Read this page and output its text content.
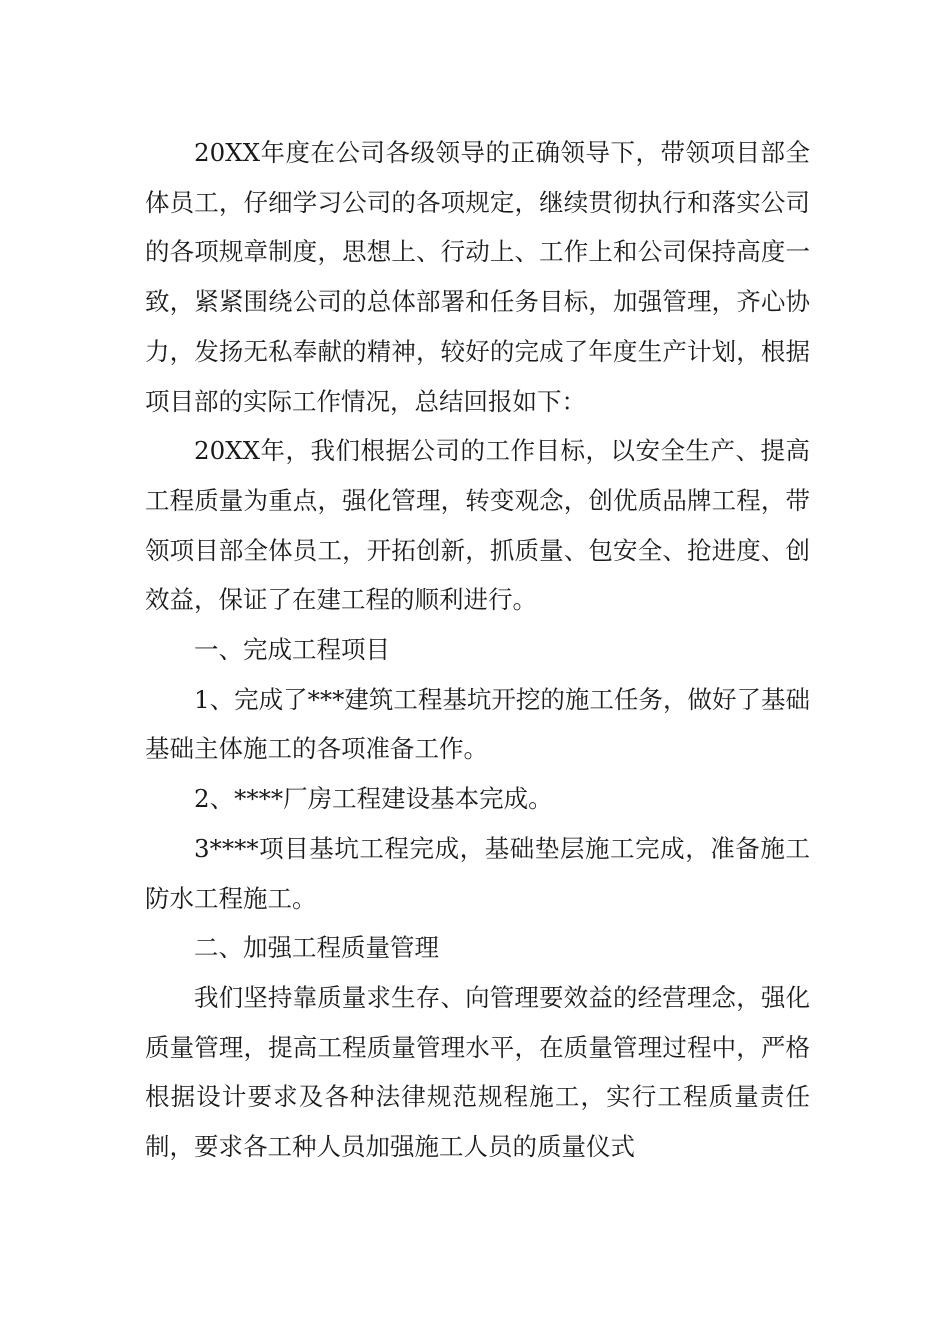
20XX年度在公司各级领导的正确领导下，带领项目部全体员工，仔细学习公司的各项规定，继续贯彻执行和落实公司的各项规章制度，思想上、行动上、工作上和公司保持高度一致，紧紧围绕公司的总体部署和任务目标，加强管理，齐心协力，发扬无私奉献的精神，较好的完成了年度生产计划，根据项目部的实际工作情况，总结回报如下：

20XX年，我们根据公司的工作目标，以安全生产、提高工程质量为重点，强化管理，转变观念，创优质品牌工程，带领项目部全体员工，开拓创新，抓质量、包安全、抢进度、创效益，保证了在建工程的顺利进行。

一、完成工程项目

1、完成了***建筑工程基坑开挖的施工任务，做好了基础基础主体施工的各项准备工作。

2、****厂房工程建设基本完成。

3****项目基坑工程完成，基础垫层施工完成，准备施工防水工程施工。

二、加强工程质量管理

我们坚持靠质量求生存、向管理要效益的经营理念，强化质量管理，提高工程质量管理水平，在质量管理过程中，严格根据设计要求及各种法律规范规程施工，实行工程质量责任制，要求各工种人员加强施工人员的质量仪式
